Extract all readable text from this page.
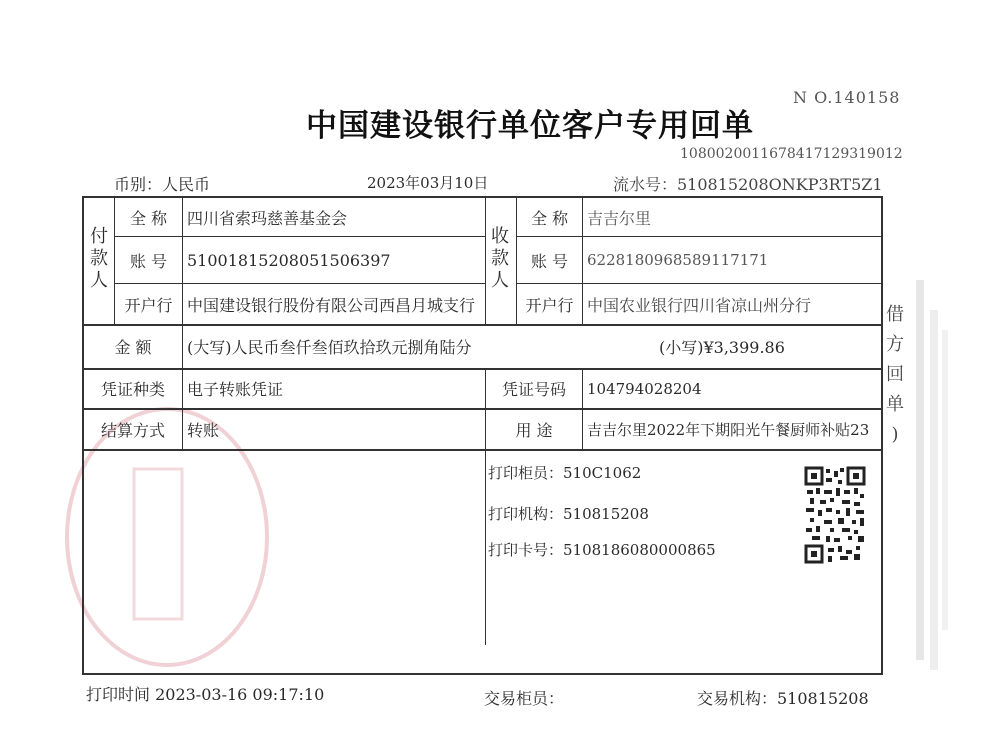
N O.140158
中国建设银行单位客户专用回单
1080020011678417129319012
币别：人民币	2023年03月10日	流水号：510815208ONKP3RT5Z1
付款人
全 称	四川省索玛慈善基金会
账 号	51001815208051506397
开户行 中国建设银行股份有限公司西昌月城支行
收款人
全 称	吉吉尔里
账 号	6228180968589117171
开户行 中国农业银行四川省凉山州分行
金 额	(大写)人民币叁仟叁佰玖拾玖元捌角陆分	(小写)¥3,399.86
凭证种类	电子转账凭证	凭证号码	104794028204
结算方式	转账	用 途	吉吉尔里2022年下期阳光午餐厨师补贴23
打印柜员：510C1062
打印机构：510815208
打印卡号：5108186080000865
借
方
回
单
)
打印时间 2023-03-16 09:17:10	交易柜员：	交易机构：510815208
